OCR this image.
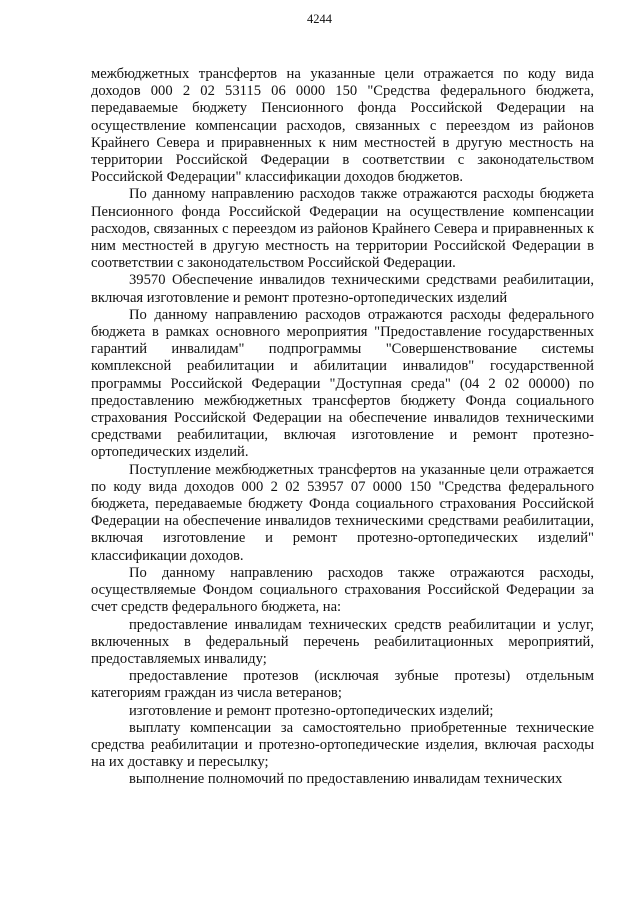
4244

межбюджетных трансфертов на указанные цели отражается по коду вида доходов 000 2 02 53115 06 0000 150 "Средства федерального бюджета, передаваемые бюджету Пенсионного фонда Российской Федерации на осуществление компенсации расходов, связанных с переездом из районов Крайнего Севера и приравненных к ним местностей в другую местность на территории Российской Федерации в соответствии с законодательством Российской Федерации" классификации доходов бюджетов.

По данному направлению расходов также отражаются расходы бюджета Пенсионного фонда Российской Федерации на осуществление компенсации расходов, связанных с переездом из районов Крайнего Севера и приравненных к ним местностей в другую местность на территории Российской Федерации в соответствии с законодательством Российской Федерации.

39570 Обеспечение инвалидов техническими средствами реабилитации, включая изготовление и ремонт протезно-ортопедических изделий

По данному направлению расходов отражаются расходы федерального бюджета в рамках основного мероприятия "Предоставление государственных гарантий инвалидам" подпрограммы "Совершенствование системы комплексной реабилитации и абилитации инвалидов" государственной программы Российской Федерации "Доступная среда" (04 2 02 00000) по предоставлению межбюджетных трансфертов бюджету Фонда социального страхования Российской Федерации на обеспечение инвалидов техническими средствами реабилитации, включая изготовление и ремонт протезно-ортопедических изделий.

Поступление межбюджетных трансфертов на указанные цели отражается по коду вида доходов 000 2 02 53957 07 0000 150 "Средства федерального бюджета, передаваемые бюджету Фонда социального страхования Российской Федерации на обеспечение инвалидов техническими средствами реабилитации, включая изготовление и ремонт протезно-ортопедических изделий" классификации доходов.

По данному направлению расходов также отражаются расходы, осуществляемые Фондом социального страхования Российской Федерации за счет средств федерального бюджета, на:

предоставление инвалидам технических средств реабилитации и услуг, включенных в федеральный перечень реабилитационных мероприятий, предоставляемых инвалиду;

предоставление протезов (исключая зубные протезы) отдельным категориям граждан из числа ветеранов;

изготовление и ремонт протезно-ортопедических изделий;

выплату компенсации за самостоятельно приобретенные технические средства реабилитации и протезно-ортопедические изделия, включая расходы на их доставку и пересылку;

выполнение полномочий по предоставлению инвалидам технических
